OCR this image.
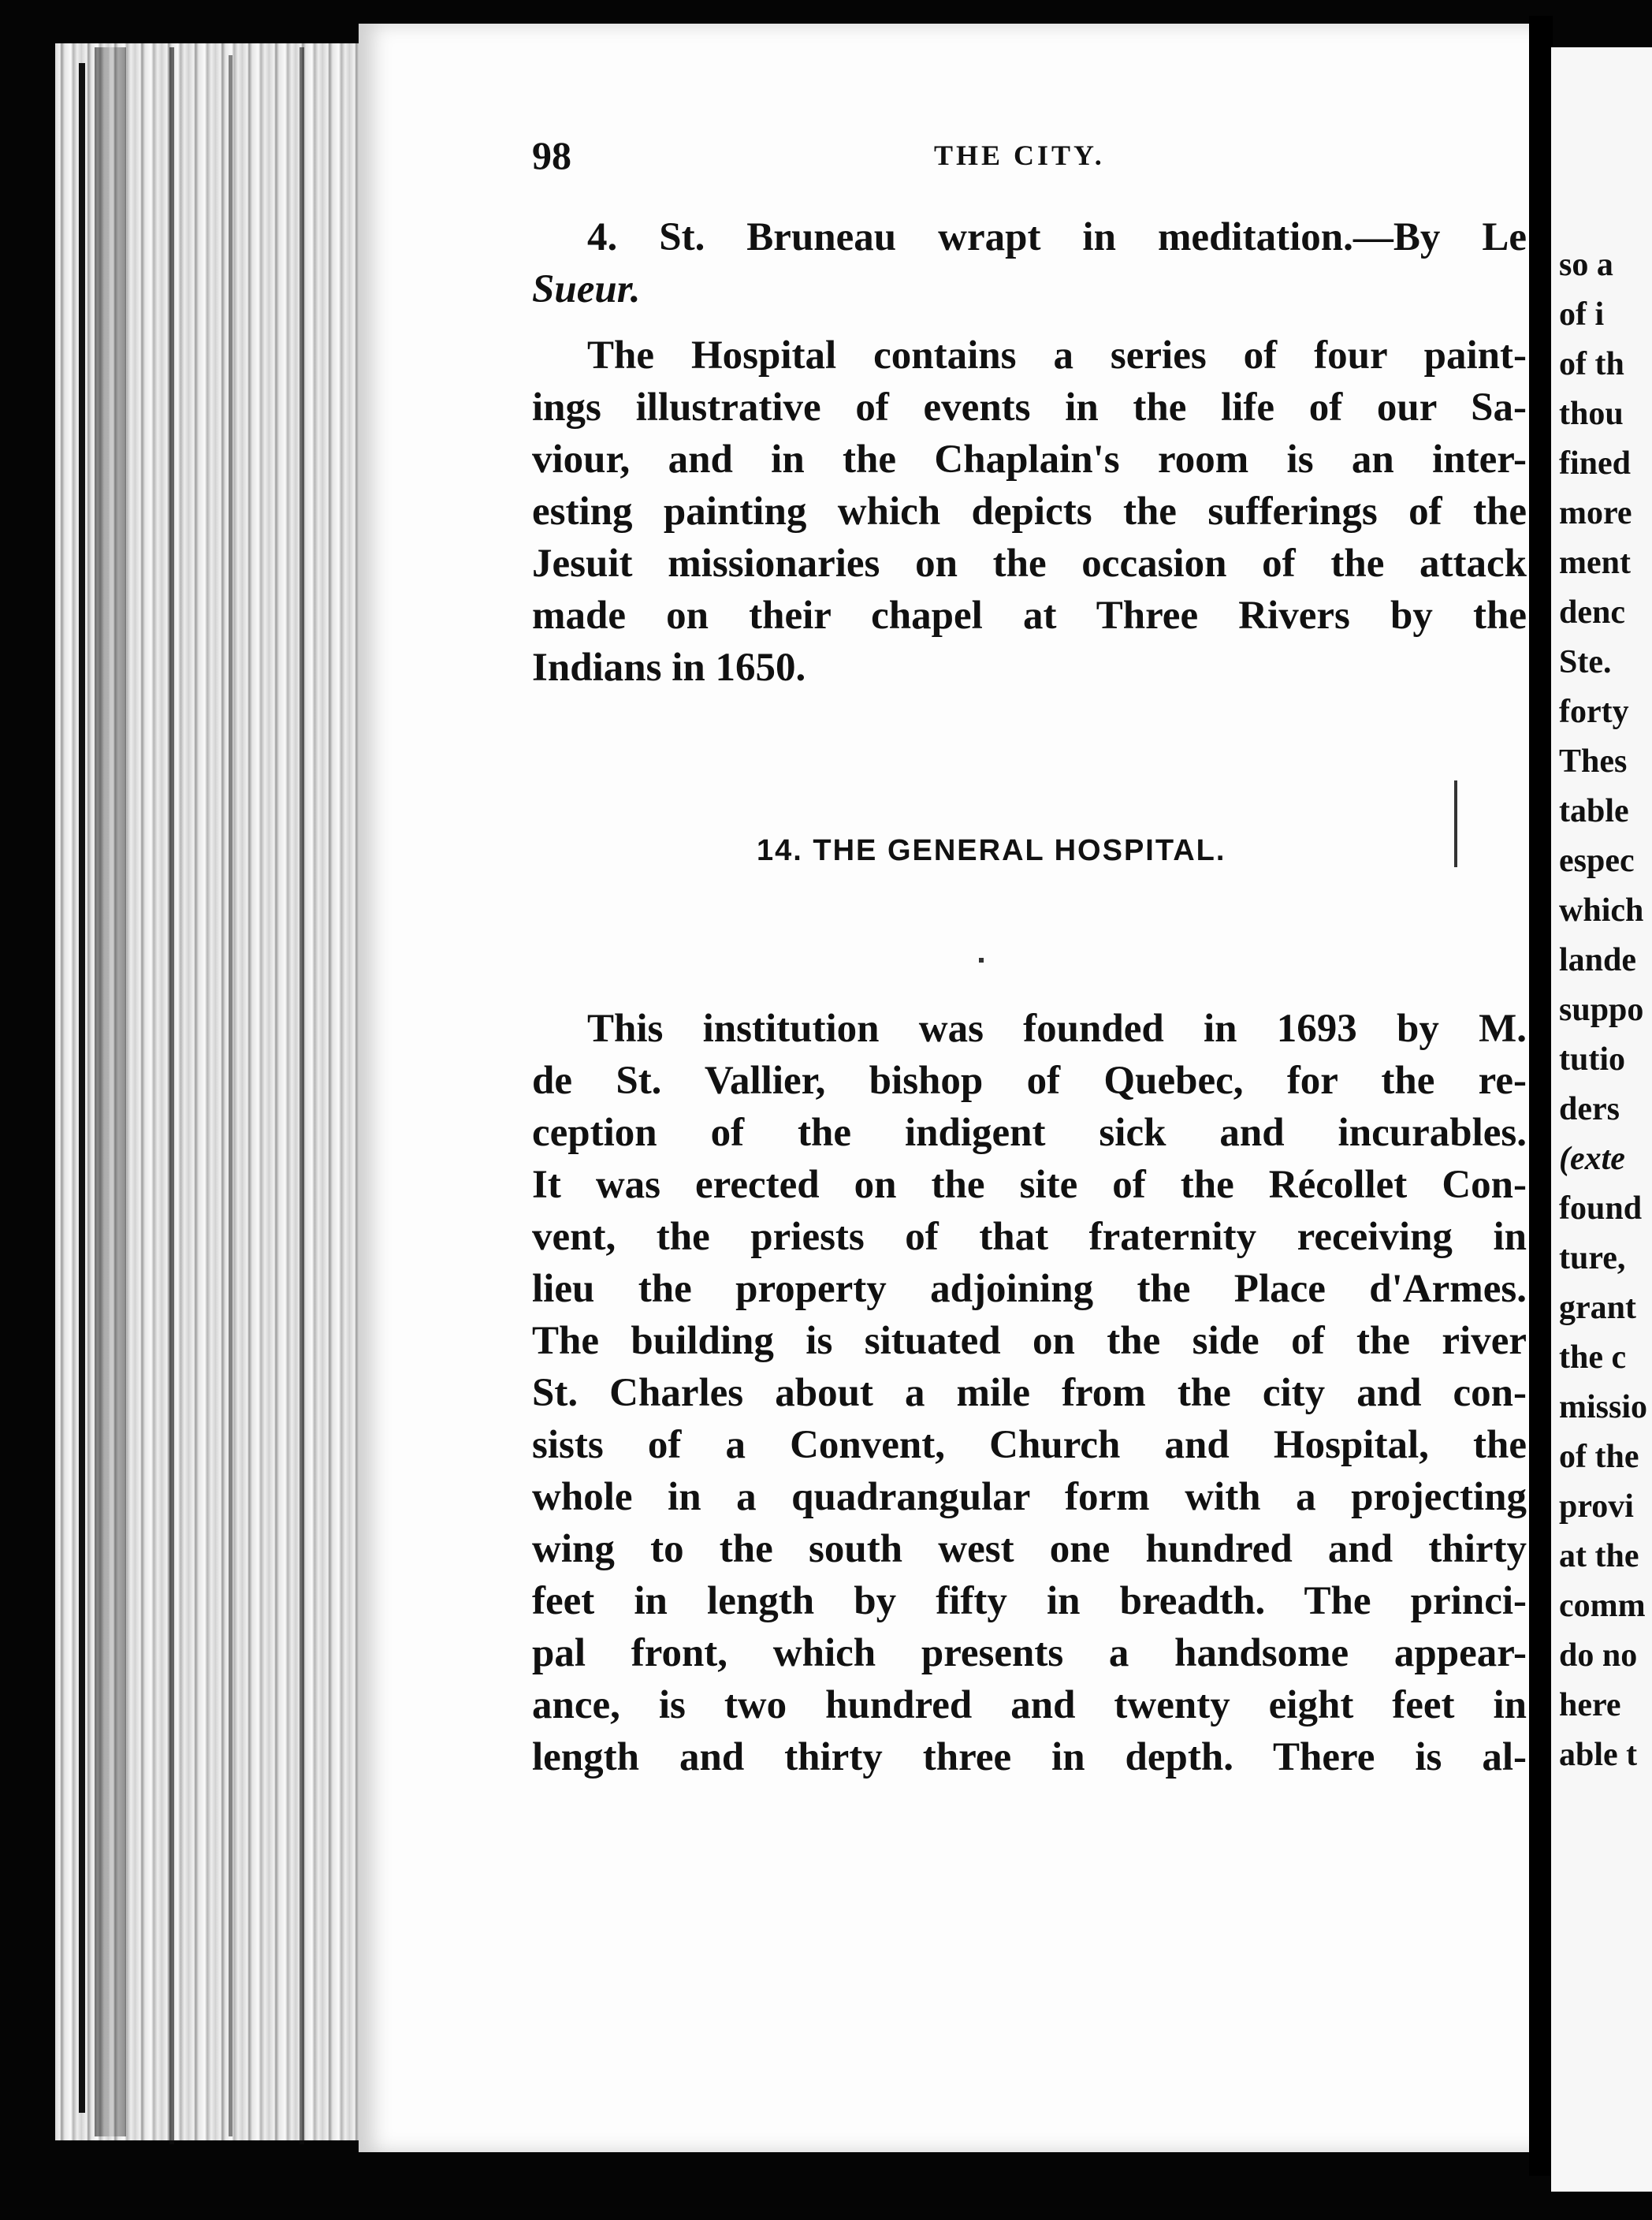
98	THE CITY.
4. St. Bruneau wrapt in meditation.—By Le
Sueur.
The Hospital contains a series of four paint-
ings illustrative of events in the life of our Sa-
viour, and in the Chaplain's room is an inter-
esting painting which depicts the sufferings of the
Jesuit missionaries on the occasion of the attack
made on their chapel at Three Rivers by the
Indians in 1650.
14. THE GENERAL HOSPITAL.
This institution was founded in 1693 by M.
de St. Vallier, bishop of Quebec, for the re-
ception of the indigent sick and incurables.
It was erected on the site of the Récollet Con-
vent, the priests of that fraternity receiving in
lieu the property adjoining the Place d'Armes.
The building is situated on the side of the river
St. Charles about a mile from the city and con-
sists of a Convent, Church and Hospital, the
whole in a quadrangular form with a projecting
wing to the south west one hundred and thirty
feet in length by fifty in breadth. The princi-
pal front, which presents a handsome appear-
ance, is two hundred and twenty eight feet in
length and thirty three in depth. There is al-
so a
of i
of th
thou
fined
more
ment
denc
Ste.
forty
Thes
table
espec
which
lande
suppo
tutio
ders
(exte
found
ture,
grant
the c
missio
of the
provi
at the
comm
do no
here
able t
